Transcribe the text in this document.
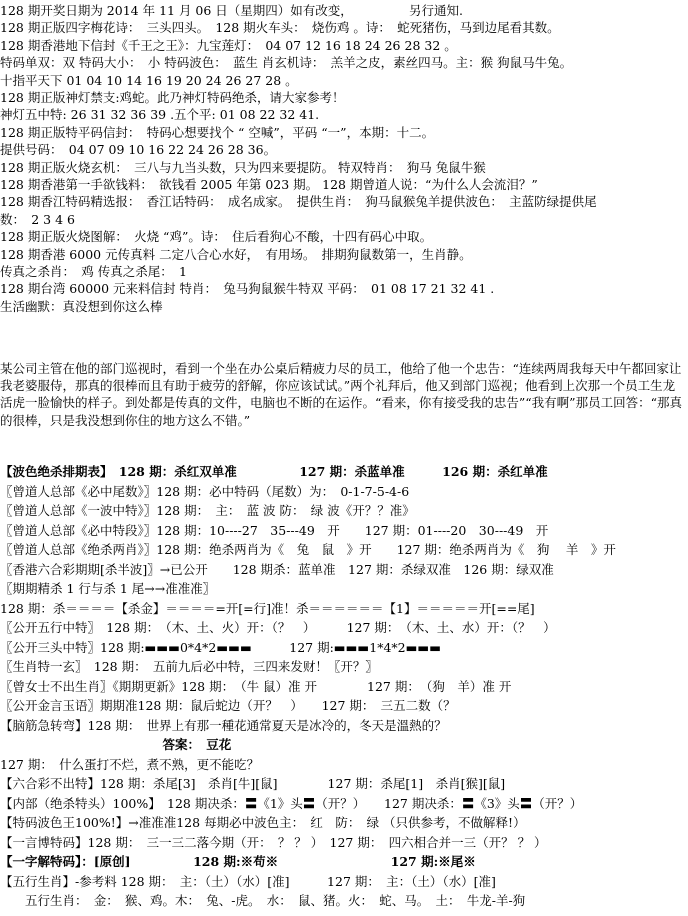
128 期开奖日期为 2014 年 11 月 06 日（星期四）如有改变，　　　　　另行通知.
128 期正版四字梅花诗：　三头四头。　128 期火车头：　烧伤鸡 。诗：　蛇死猪伤，马到边尾看其数。
128 期香港地下信封《千王之王》：九宝莲灯：　04 07 12 16 18 24 26 28 32 。
特码单双：双 特码大小：　小 特码波色：　蓝生 肖玄机诗：　羔羊之皮，素丝四马。主：猴 狗鼠马牛兔。
十指平天下 01 04 10 14 16 19 20 24 26 27 28 。
128 期正版神灯禁支:鸡蛇。此乃神灯特码绝杀，请大家参考！
神灯五中特: 26 31 32 36 39 .五个平: 01 08 22 32 41.
128 期正版特平码信封：　特码心想要找个 “ 空喊”，平码 “一”，本期：十二。
提供号码：　04 07 09 10 16 22 24 26 28 36。
128 期正版火烧玄机：　三八与九当头数，只为四来要提防。 特双特肖：　狗马 兔鼠牛猴
128 期香港第一手欲钱料：　欲钱看 2005 年第 023 期。 128 期曾道人说：“为什么人会流泪？”
128 期香江特码精选报：　香江话特码：　成名成家。　提供生肖：　狗马鼠猴兔羊提供波色：　主蓝防绿提供尾
数：　2 3 4 6
128 期正版火烧图解：　火烧 “鸡”。诗：　住后看狗心不酸，十四有码心中取。
128 期香港 6000 元传真料 二定八合心水好，　有用场。　排期狗鼠数第一，生肖静。
传真之杀肖：　鸡 传真之杀尾：　1
128 期台湾 60000 元来料信封 特肖：　兔马狗鼠猴牛特双 平码：　01 08 17 21 32 41 .
生活幽默：真没想到你这么棒
某公司主管在他的部门巡视时，看到一个坐在办公桌后精疲力尽的员工，他给了他一个忠告：“连续两周我每天中午都回家让我老婆服侍，那真的很棒而且有助于疲劳的舒解，你应该试试。”两个礼拜后，他又到部门巡视；他看到上次那一个员工生龙活虎一脸愉快的样子。到处都是传真的文件，电脑也不断的在运作。“看来，你有接受我的忠告”“我有啊”那员工回答：“那真的很棒，只是我没想到你住的地方这么不错。”
【波色绝杀排期表】　128 期：杀红双单准　　　　　127 期：杀蓝单准　　　126 期：杀红单准
〖曾道人总部《必中尾数》〗128 期：必中特码（尾数）为：　0-1-7-5-4-6
〖曾道人总部《一波中特》〗128 期：　主：　蓝 波 防：　绿 波《开？？准》
〖曾道人总部《必中特段》〗128 期：10----27　35---49　开　　127 期：01----20　30---49　开
〖曾道人总部《绝杀两肖》〗128 期：绝杀两肖为《　兔　鼠　》开　　127 期：绝杀两肖为《　狗　 羊　》开
〖香港六合彩期期[杀半波]〗→已公开　　128 期杀：蓝单准　127 期：杀绿双准　126 期：绿双准
〖期期精杀 1 行与杀 1 尾→→准准准〗
128 期：杀＝＝＝＝【杀金】＝＝＝＝=开[=行]准！杀＝＝＝＝＝＝【1】＝＝＝＝＝开[==尾]
〖公开五行中特〗　128 期：　（木、土、火）开：（？　）　　　127 期：　（木、土、水）开：（？　）
〖公开三头中特〗128 期:▬▬▬0*4*2▬▬▬　　　127 期:▬▬▬1*4*2▬▬▬
〖生肖特一玄〗　128 期：　五前九后必中特，三四来发财！〖开？〗
〖曾女士不出生肖〗《期期更新》128 期：　（牛 鼠）准 开　　　　127 期：　（狗　羊）准 开
〖公开金言玉语〗期期准128 期：鼠后蛇边（开？　）　　127 期：　三五二数（？
【脑筋急转弯】128 期：　世界上有那一種花通常夏天是冰冷的，冬天是溫熱的？
　　　　　　　　　　　　　答案：　豆花
127 期：　什么蛋打不烂，煮不熟，更不能吃？
【六合彩不出特】128 期：杀尾[3]　杀肖[牛][鼠]　　　　127 期：杀尾[1]　杀肖[猴][鼠]
【内部（绝杀特头）100%】　128 期决杀：〓《1》头〓（开？）　　127 期决杀：〓《3》头〓（开？）
【特码波色王100%!】→准准准128 每期必中波色主：　红　防：　绿 （只供参考，不做解释!）
【一言博特码】128 期：　三一三二落今期（开：　？ ？ ）　127 期：　四六相合并一三（开？ ？ ）
【一字解特码】：[原创]　　　　　128 期:※苟※　　　　　　　　　127 期:※尾※
【五行生肖】-参考料 128 期：　主：（土）（水）[准]　　　127 期：　主：（土）（水）[准]
　　五行生肖：　金：　猴、鸡。木：　兔、-虎。　水：　鼠、猪。火：　蛇、马。　土：　牛龙-羊-狗
